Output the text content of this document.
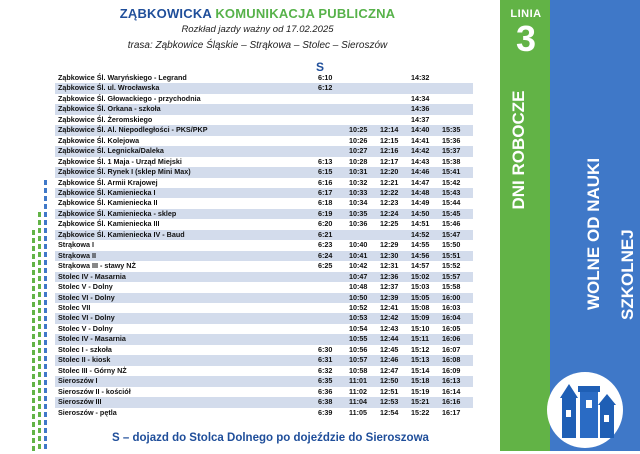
ZĄBKOWICKA KOMUNIKACJA PUBLICZNA
Rozkład jazdy ważny od 17.02.2025
trasa: Ząbkowice Śląskie – Strąkowa – Stolec – Sieroszów
S
Ząbkowice Śl. Waryńskiego - Legrand	6:10			14:32	
Ząbkowice Śl. ul. Wrocławska	6:12				
Ząbkowice Śl. Głowackiego - przychodnia				14:34	
Ząbkowice Śl. Orkana - szkoła				14:36	
Ząbkowice Śl. Żeromskiego				14:37	
Ząbkowice Śl. Al. Niepodległości - PKS/PKP		10:25	12:14	14:40	15:35
Ząbkowice Śl. Kolejowa		10:26	12:15	14:41	15:36
Ząbkowice Śl. Legnicka/Daleka		10:27	12:16	14:42	15:37
Ząbkowice Śl. 1 Maja - Urząd Miejski	6:13	10:28	12:17	14:43	15:38
Ząbkowice Śl. Rynek I (sklep Mini Max)	6:15	10:31	12:20	14:46	15:41
Ząbkowice Śl. Armii Krajowej	6:16	10:32	12:21	14:47	15:42
Ząbkowice Śl. Kamieniecka I	6:17	10:33	12:22	14:48	15:43
Ząbkowice Śl. Kamieniecka II	6:18	10:34	12:23	14:49	15:44
Ząbkowice Śl. Kamieniecka - sklep	6:19	10:35	12:24	14:50	15:45
Ząbkowice Śl. Kamieniecka III	6:20	10:36	12:25	14:51	15:46
Ząbkowice Śl. Kamieniecka IV - Baud	6:21			14:52	15:47
Strąkowa I	6:23	10:40	12:29	14:55	15:50
Strąkowa II	6:24	10:41	12:30	14:56	15:51
Strąkowa III - stawy NŻ	6:25	10:42	12:31	14:57	15:52
Stolec IV - Masarnia		10:47	12:36	15:02	15:57
Stolec V - Dolny		10:48	12:37	15:03	15:58
Stolec VI - Dolny		10:50	12:39	15:05	16:00
Stolec VII		10:52	12:41	15:08	16:03
Stolec VI - Dolny		10:53	12:42	15:09	16:04
Stolec V - Dolny		10:54	12:43	15:10	16:05
Stolec IV - Masarnia		10:55	12:44	15:11	16:06
Stolec I - szkoła	6:30	10:56	12:45	15:12	16:07
Stolec II - kiosk	6:31	10:57	12:46	15:13	16:08
Stolec III - Górny NŻ	6:32	10:58	12:47	15:14	16:09
Sieroszów I	6:35	11:01	12:50	15:18	16:13
Sieroszów II - kościół	6:36	11:02	12:51	15:19	16:14
Sieroszów III	6:38	11:04	12:53	15:21	16:16
Sieroszów - pętla	6:39	11:05	12:54	15:22	16:17
S – dojazd do Stolca Dolnego po dojeździe do Sieroszowa
LINIA
3
DNI ROBOCZE
WOLNE OD NAUKI SZKOLNEJ
